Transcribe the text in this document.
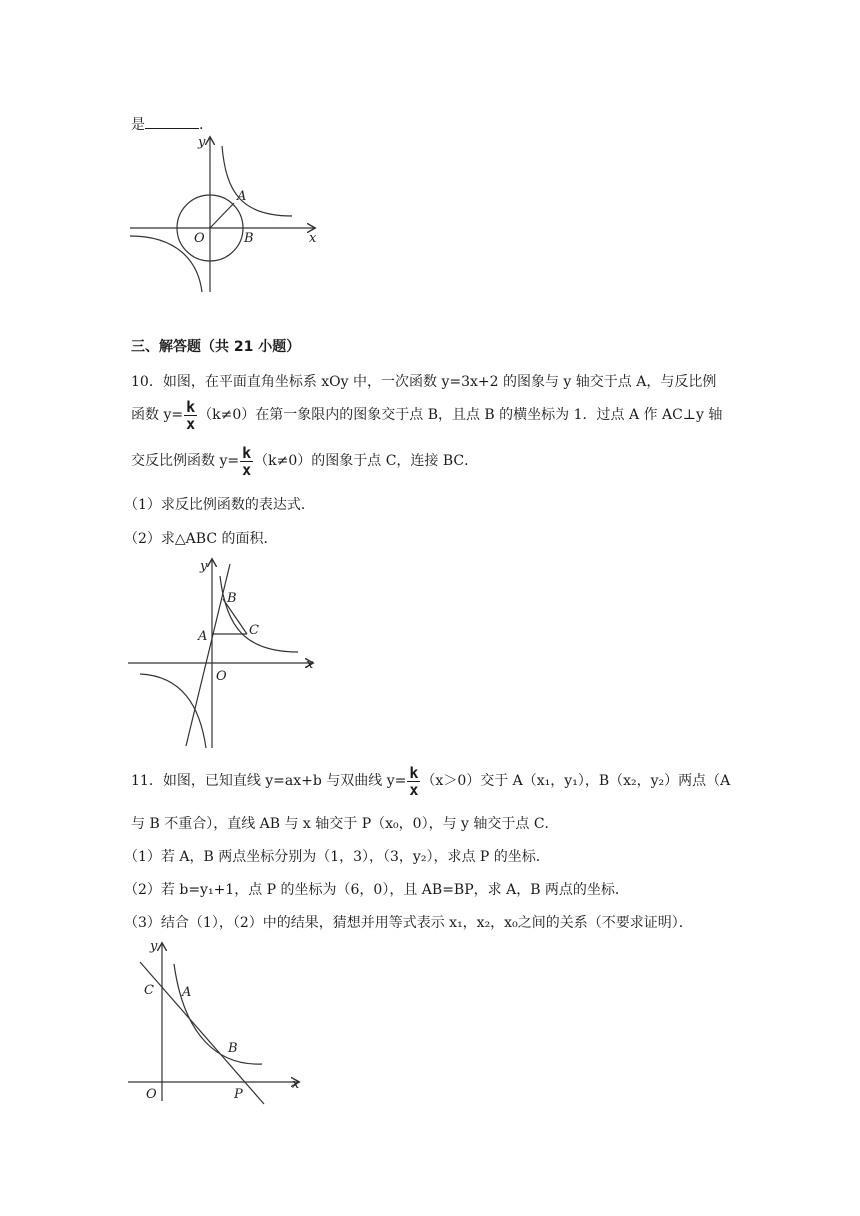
是	.
y
A
O	B	x
三、解答题（共 21 小题）
10．如图，在平面直角坐标系 xOy 中，一次函数 y=3x+2 的图象与 y 轴交于点 A，与反比例
函数 $y= \frac{k}{x} (k\ne 0)$在第一象限内的图象交于点 B，且点 B 的横坐标为 1．过点 A 作 AC⊥y 轴
交反比例函数 $y= \frac{k}{x} (k\ne 0)$的图象于点 C，连接 BC．
（1）求反比例函数的表达式．
（2）求△ABC 的面积．
y
B
A	C
O
x
11．如图，已知直线 y=ax+b 与双曲线 $y= \frac{k}{x} (x>0)$交于 A（x₁，y₁），B（x₂，y₂）两点（A
与 B 不重合），直线 AB 与 x 轴交于 P（x₀，0），与 y 轴交于点 C．
（1）若 A，B 两点坐标分别为（1，3），（3，y₂），求点 P 的坐标．
（2）若 b=y₁+1，点 P 的坐标为（6，0），且 AB=BP，求 A，B 两点的坐标．
（3）结合（1），（2）中的结果，猜想并用等式表示 x₁，x₂，x₀之间的关系（不要求证明）．
y
C A
B
O	P
x
